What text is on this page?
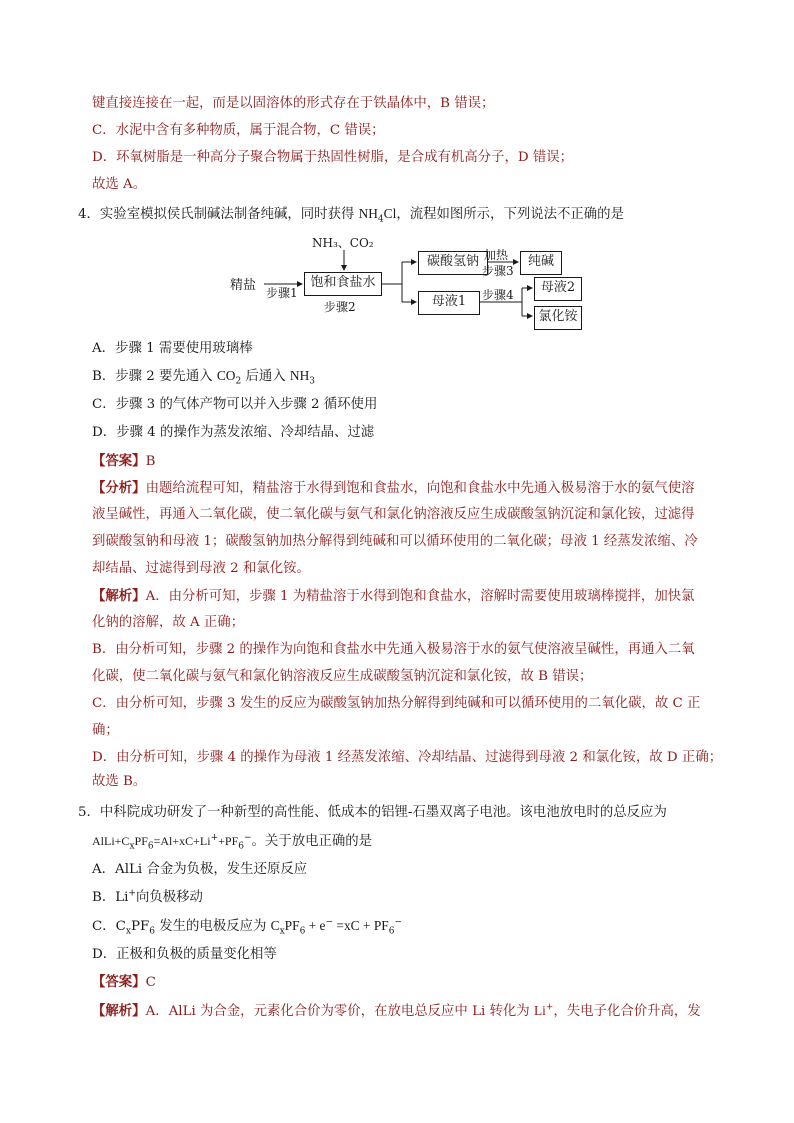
键直接连接在一起，而是以固溶体的形式存在于铁晶体中，B 错误；
C．水泥中含有多种物质，属于混合物，C 错误；
D．环氧树脂是一种高分子聚合物属于热固性树脂，是合成有机高分子，D 错误；
故选 A。
4．实验室模拟侯氏制碱法制备纯碱，同时获得 $NH_4Cl$，流程如图所示，下列说法不正确的是
精盐
NH₃、CO₂
步骤1
饱和食盐水
步骤2
碳酸氢钠 加热
步骤3
纯碱
母液1	步骤4	母液2
氯化铵
A．步骤 1 需要使用玻璃棒
B．步骤 2 要先通入 $CO_2$ 后通入 $NH_3$
C．步骤 3 的气体产物可以并入步骤 2 循环使用
D．步骤 4 的操作为蒸发浓缩、冷却结晶、过滤
【答案】B
【分析】由题给流程可知，精盐溶于水得到饱和食盐水，向饱和食盐水中先通入极易溶于水的氨气使溶
液呈碱性，再通入二氧化碳，使二氧化碳与氨气和氯化钠溶液反应生成碳酸氢钠沉淀和氯化铵，过滤得
到碳酸氢钠和母液 1；碳酸氢钠加热分解得到纯碱和可以循环使用的二氧化碳；母液 1 经蒸发浓缩、冷
却结晶、过滤得到母液 2 和氯化铵。
【解析】A．由分析可知，步骤 1 为精盐溶于水得到饱和食盐水，溶解时需要使用玻璃棒搅拌，加快氯
化钠的溶解，故 A 正确；
B．由分析可知，步骤 2 的操作为向饱和食盐水中先通入极易溶于水的氨气使溶液呈碱性，再通入二氧
化碳，使二氧化碳与氨气和氯化钠溶液反应生成碳酸氢钠沉淀和氯化铵，故 B 错误；
C．由分析可知，步骤 3 发生的反应为碳酸氢钠加热分解得到纯碱和可以循环使用的二氧化碳，故 C 正
确；
D．由分析可知，步骤 4 的操作为母液 1 经蒸发浓缩、冷却结晶、过滤得到母液 2 和氯化铵，故 D 正确；
故选 B。
5．中科院成功研发了一种新型的高性能、低成本的铝锂-石墨双离子电池。该电池放电时的总反应为
$AlLi+C_xPF_6=Al+xC+Li^++PF_6^-$。关于放电正确的是
A．AlLi 合金为负极，发生还原反应
B．Li+向负极移动
C．$C_xPF_6$ 发生的电极反应为 $C_xPF_6 + e^- =xC + PF_6^-$
D．正极和负极的质量变化相等
【答案】C
【解析】A．AlLi 为合金，元素化合价为零价，在放电总反应中 Li 转化为 Li+，失电子化合价升高，发
